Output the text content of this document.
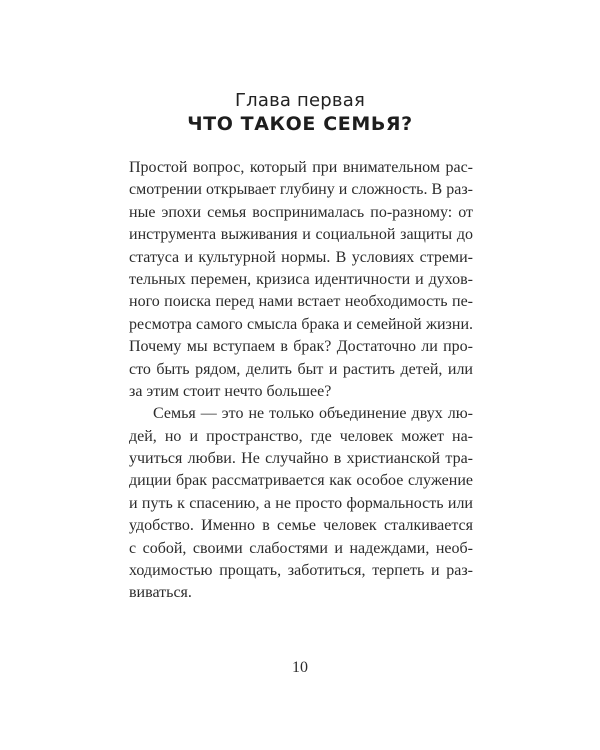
Глава первая
ЧТО ТАКОЕ СЕМЬЯ?
Простой вопрос, который при внимательном рас-
смотрении открывает глубину и сложность. В раз-
ные эпохи семья воспринималась по-разному: от
инструмента выживания и социальной защиты до
статуса и культурной нормы. В условиях стреми-
тельных перемен, кризиса идентичности и духов-
ного поиска перед нами встает необходимость пе-
ресмотра самого смысла брака и семейной жизни.
Почему мы вступаем в брак? Достаточно ли про-
сто быть рядом, делить быт и растить детей, или
за этим стоит нечто большее?
Семья — это не только объединение двух лю-
дей, но и пространство, где человек может на-
учиться любви. Не случайно в христианской тра-
диции брак рассматривается как особое служение
и путь к спасению, а не просто формальность или
удобство. Именно в семье человек сталкивается
с собой, своими слабостями и надеждами, необ-
ходимостью прощать, заботиться, терпеть и раз-
виваться.
10
